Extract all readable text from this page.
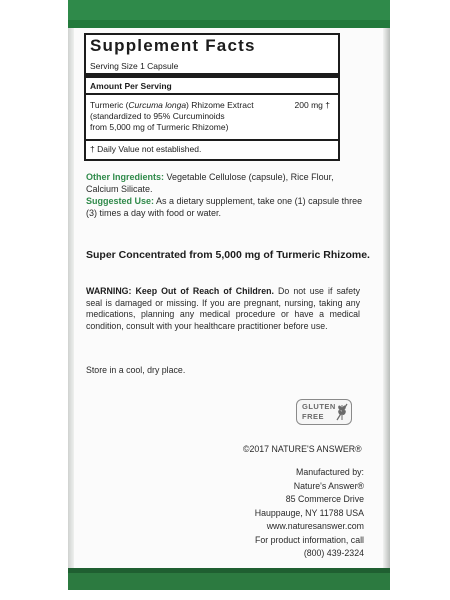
Supplement Facts
Serving Size 1 Capsule
Amount Per Serving
Turmeric (Curcuma longa) Rhizome Extract
(standardized to 95% Curcuminoids
from 5,000 mg of Turmeric Rhizome)
200 mg †
† Daily Value not established.
Other Ingredients: Vegetable Cellulose (capsule), Rice Flour, Calcium Silicate.
Suggested Use: As a dietary supplement, take one (1) capsule three (3) times a day with food or water.
Super Concentrated from 5,000 mg of Turmeric Rhizome.
WARNING: Keep Out of Reach of Children. Do not use if safety seal is damaged or missing. If you are pregnant, nursing, taking any medications, planning any medical procedure or have a medical condition, consult with your healthcare practitioner before use.
Store in a cool, dry place.
GLUTEN
FREE
©2017 NATURE'S ANSWER®
Manufactured by:
Nature's Answer®
85 Commerce Drive
Hauppauge, NY 11788 USA
www.naturesanswer.com
For product information, call
(800) 439-2324
